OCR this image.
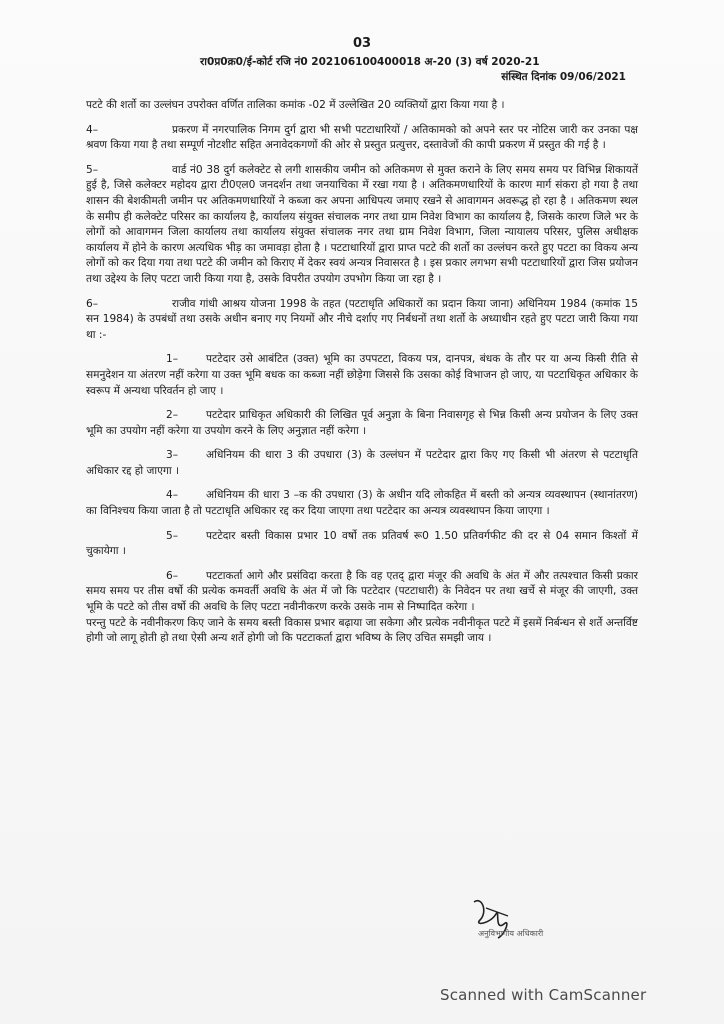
03
रा0प्र0क्र0/ई-कोर्ट रजि नं0 202106100400018 अ-20 (3) वर्ष 2020-21
संस्थित दिनांक 09/06/2021

पटटे की शर्तो का उल्लंघन उपरोक्त वर्णित तालिका कमांक -02 में उल्लेखित 20 व्यक्तियों द्वारा किया गया है ।

4–	प्रकरण में नगरपालिक निगम दुर्ग द्वारा भी सभी पटटाधारियों / अतिकामको को अपने स्तर पर नोटिस जारी कर उनका पक्ष श्रवण किया गया है तथा सम्पूर्ण नोटशीट सहित अनावेदकगणों की ओर से प्रस्तुत प्रत्युत्तर, दस्तावेजों की कापी प्रकरण में प्रस्तुत की गई है ।

5–	वार्ड नं0 38 दुर्ग कलेक्टेट से लगी शासकीय जमीन को अतिकमण से मुक्त कराने के लिए समय समय पर विभिन्न शिकायतें हुई है, जिसे कलेक्टर महोदय द्वारा टी0एल0 जनदर्शन तथा जनयाचिका में रखा गया है । अतिकमणधारियों के कारण मार्ग संकरा हो गया है तथा शासन की बेशकीमती जमीन पर अतिकमणधारियों ने कब्जा कर अपना आधिपत्य जमाए रखने से आवागमन अवरूद्ध हो रहा है । अतिकमण स्थल के समीप ही कलेक्टेट परिसर का कार्यालय है, कार्यालय संयुक्त संचालक नगर तथा ग्राम निवेश विभाग का कार्यालय है, जिसके कारण जिले भर के लोगों को आवागमन जिला कार्यालय तथा कार्यालय संयुक्त संचालक नगर तथा ग्राम निवेश विभाग, जिला न्यायालय परिसर, पुलिस अधीक्षक कार्यालय में होने के कारण अत्यधिक भीड़ का जमावड़ा होता है । पटटाधारियों द्वारा प्राप्त पटटे की शर्तो का उल्लंघन करते हुए पटटा का विकय अन्य लोगों को कर दिया गया तथा पटटे की जमीन को किराए में देकर स्वयं अन्यत्र निवासरत है । इस प्रकार लगभग सभी पटटाधारियों द्वारा जिस प्रयोजन तथा उद्देश्य के लिए पटटा जारी किया गया है, उसके विपरीत उपयोग उपभोग किया जा रहा है ।

6–	राजीव गांधी आश्रय योजना 1998 के तहत (पटटाधृति अधिकारों का प्रदान किया जाना) अधिनियम 1984 (कमांक 15 सन 1984) के उपबंधों तथा उसके अधीन बनाए गए नियमों और नीचे दर्शाए गए निर्बधनों तथा शर्तो के अध्याधीन रहते हुए पटटा जारी किया गया था :-

1–	पटटेदार उसे आबंटित (उक्त) भूमि का उपपटटा, विकय पत्र, दानपत्र, बंधक के तौर पर या अन्य किसी रीति से समनुदेशन या अंतरण नहीं करेगा या उक्त भूमि बधक का कब्जा नहीं छोड़ेगा जिससे कि उसका कोई विभाजन हो जाए, या पटटाधिकृत अधिकार के स्वरूप में अन्यथा परिवर्तन हो जाए ।

2–	पटटेदार प्राधिकृत अधिकारी की लिखित पूर्व अनुज्ञा के बिना निवासगृह से भिन्न किसी अन्य प्रयोजन के लिए उक्त भूमि का उपयोग नहीं करेगा या उपयोग करने के लिए अनुज्ञात नहीं करेगा ।

3–	अधिनियम की धारा 3 की उपधारा (3) के उल्लंघन में पटटेदार द्वारा किए गए किसी भी अंतरण से पटटाधृति अधिकार रद्द हो जाएगा ।

4–	अधिनियम की धारा 3 –क की उपधारा (3) के अधीन यदि लोकहित में बस्ती को अन्यत्र व्यवस्थापन (स्थानांतरण) का विनिश्चय किया जाता है तो पटटाधृति अधिकार रद्द कर दिया जाएगा तथा पटटेदार का अन्यत्र व्यवस्थापन किया जाएगा ।

5–	पटटेदार बस्ती विकास प्रभार 10 वर्षो तक प्रतिवर्ष रू0 1.50 प्रतिवर्गफीट की दर से 04 समान किश्तों में चुकायेगा ।

6–	पटटाकर्ता आगे और प्रसंविदा करता है कि वह एतद् द्वारा मंजूर की अवधि के अंत में और तत्पश्चात किसी प्रकार समय समय पर तीस वर्षो की प्रत्येक कमवर्ती अवधि के अंत में जो कि पटटेदार (पटटाधारी) के निवेदन पर तथा खर्चे से मंजूर की जाएगी, उक्त भूमि के पटटे को तीस वर्षो की अवधि के लिए पटटा नवीनीकरण करके उसके नाम से निष्पादित करेगा ।

परन्तु पटटे के नवीनीकरण किए जाने के समय बस्ती विकास प्रभार बढ़ाया जा सकेगा और प्रत्येक नवीनीकृत पटटे में इसमें निर्बन्धन से शर्ते अन्तर्विष्ट होगी जो लागू होती हो तथा ऐसी अन्य शर्ते होगी जो कि पटटाकर्ता द्वारा भविष्य के लिए उचित समझी जाय ।

अनुविभागीय अधिकारी
Scanned with CamScanner
